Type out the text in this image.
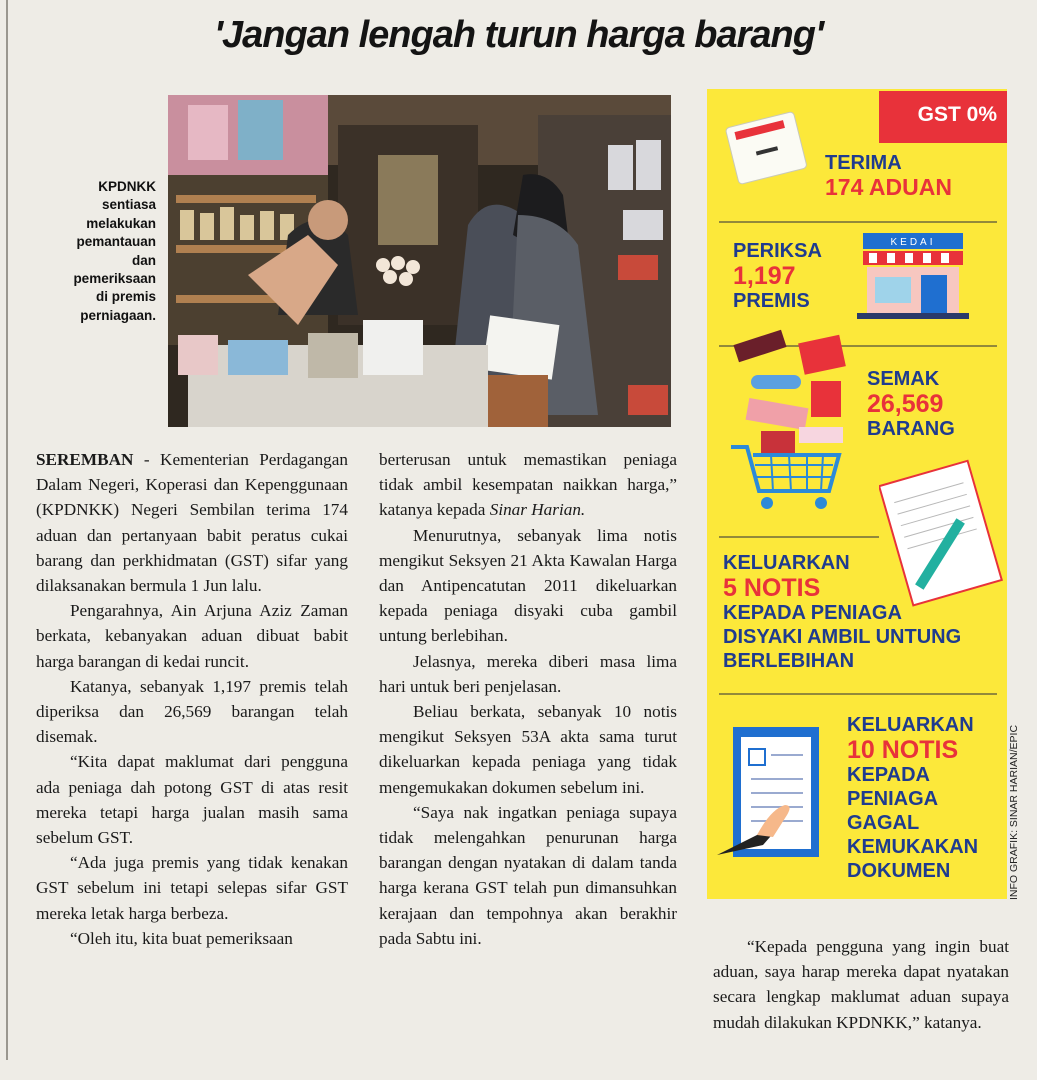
'Jangan lengah turun harga barang'
KPDNKK
sentiasa
melakukan
pemantauan
dan
pemeriksaan
di premis
perniagaan.

SEREMBAN - Kementerian Perdagangan Dalam Negeri, Koperasi dan Kepenggunaan (KPDNKK) Negeri Sembilan terima 174 aduan dan pertanyaan babit peratus cukai barang dan perkhidmatan (GST) sifar yang dilaksanakan bermula 1 Jun lalu.

Pengarahnya, Ain Arjuna Aziz Zaman berkata, kebanyakan aduan dibuat babit harga barangan di kedai runcit.

Katanya, sebanyak 1,197 premis telah diperiksa dan 26,569 barangan telah disemak.

“Kita dapat maklumat dari pengguna ada peniaga dah potong GST di atas resit mereka tetapi harga jualan masih sama sebelum GST.

“Ada juga premis yang tidak kenakan GST sebelum ini tetapi selepas sifar GST mereka letak harga berbeza.

“Oleh itu, kita buat pemeriksaan

berterusan untuk memastikan peniaga tidak ambil kesempatan naikkan harga,” katanya kepada Sinar Harian.

Menurutnya, sebanyak lima notis mengikut Seksyen 21 Akta Kawalan Harga dan Antipencatutan 2011 dikeluarkan kepada peniaga disyaki cuba gambil untung berlebihan.

Jelasnya, mereka diberi masa lima hari untuk beri penjelasan.

Beliau berkata, sebanyak 10 notis mengikut Seksyen 53A akta sama turut dikeluarkan kepada peniaga yang tidak mengemukakan dokumen sebelum ini.

“Saya nak ingatkan peniaga supaya tidak melengahkan penurunan harga barangan dengan nyatakan di dalam tanda harga kerana GST telah pun dimansuhkan kerajaan dan tempohnya akan berakhir pada Sabtu ini.	“Kepada pengguna yang ingin buat aduan, saya harap mereka dapat nyatakan secara lengkap maklumat aduan supaya mudah dilakukan KPDNKK,” katanya.

GST 0%
TERIMA
174 ADUAN
PERIKSA
1,197
PREMIS
KEDAI
SEMAK
26,569
BARANG
KELUARKAN
5 NOTIS
KEPADA PENIAGA
DISYAKI AMBIL UNTUNG
BERLEBIHAN
KELUARKAN
10 NOTIS
KEPADA
PENIAGA
GAGAL
KEMUKAKAN
DOKUMEN	INFO GRAFIK: SINAR HARIAN/EPIC
